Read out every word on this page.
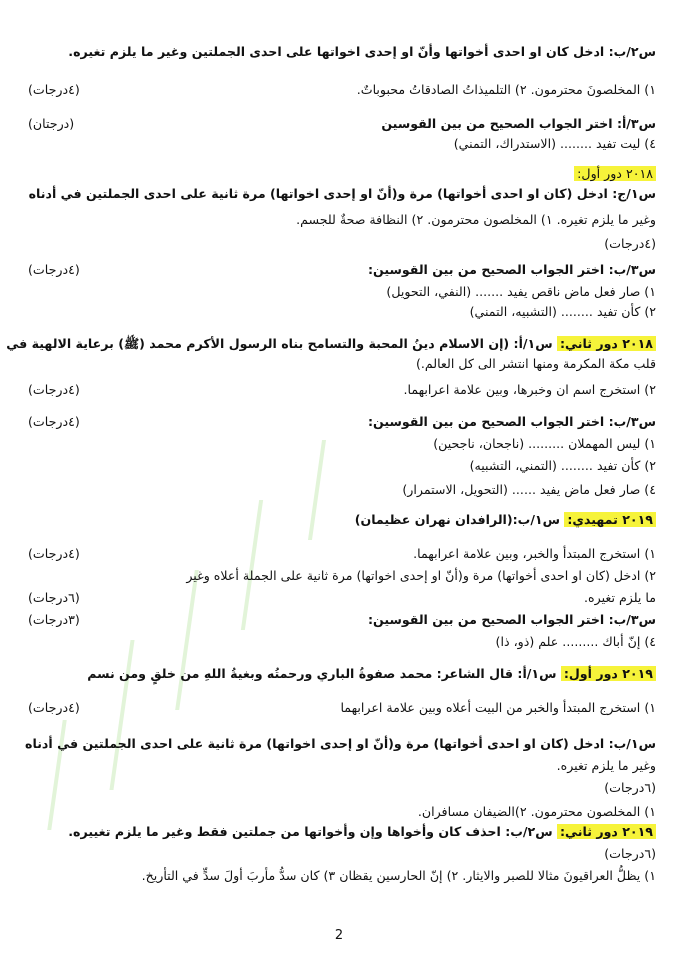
س٢/ب: ادخل كان او احدى أخواتها وأنّ او إحدى اخواتها على احدى الجملتين وغير ما يلزم تغيره.
١) المخلصونَ محترمون. ٢) التلميذاتُ الصادقاتُ محبوباتٌ.
(٤درجات)
س٣/أ: اختر الجواب الصحيح من بين القوسين
(درجتان)
٤) ليت تفيد ........ (الاستدراك، التمني)
٢٠١٨ دور أول:
س١/ج: ادخل (كان او احدى أخواتها) مرة و(أنّ او إحدى اخواتها) مرة ثانية على احدى الجملتين في أدناه
وغير ما يلزم تغيره. ١) المخلصون محترمون. ٢) النظافة صحةٌ للجسم.
(٤درجات)
س٣/ب: اختر الجواب الصحيح من بين القوسين:
(٤درجات)
١) صار فعل ماض ناقص يفيد ....... (النفي، التحويل)
٢) كأن تفيد ........ (التشبيه، التمني)
٢٠١٨ دور ثاني: س١/أ: (إن الاسلام دينُ المحبة والتسامح بناه الرسول الأكرم محمد (ﷺ) برعاية الالهية في
قلب مكة المكرمة ومنها انتشر الى كل العالم.)
٢) استخرج اسم ان وخبرها، وبين علامة اعرابهما.
(٤درجات)
س٣/ب: اختر الجواب الصحيح من بين القوسين:
(٤درجات)
١) ليس المهملان ......... (ناجحان، ناجحين)
٢) كأن تفيد ........ (التمني، التشبيه)
٤) صار فعل ماض يفيد ...... (التحويل، الاستمرار)
٢٠١٩ تمهيدي: س١/ب:(الرافدان نهران عظيمان)
١) استخرج المبتدأ والخبر، وبين علامة اعرابهما.
(٤درجات)
٢) ادخل (كان او احدى أخواتها) مرة و(أنّ او إحدى اخواتها) مرة ثانية على الجملة أعلاه وغير
ما يلزم تغيره.
(٦درجات)
س٣/ب: اختر الجواب الصحيح من بين القوسين:
(٣درجات)
٤) إنّ أباك ......... علم (ذو، ذا)
٢٠١٩ دور أول: س١/أ: قال الشاعر: محمد صفوةُ الباري ورحمتُه وبغيةُ اللهِ من خلقٍ ومن نسم
١) استخرج المبتدأ والخبر من البيت أعلاه وبين علامة اعرابهما
(٤درجات)
س١/ب: ادخل (كان او احدى أخواتها) مرة و(أنّ او إحدى اخواتها) مرة ثانية على احدى الجملتين في أدناه
وغير ما يلزم تغيره.
(٦درجات)
١) المخلصون محترمون. ٢)الضيفان مسافران.
٢٠١٩ دور ثاني: س٢/ب: احذف كان وأخواها وإن وأخواتها من جملتين فقط وغير ما يلزم تغييره.
(٦درجات)
١) يظلُّ العراقيونَ مثالا للصبر والايثار. ٢) إنّ الحارسين يقظان ٣) كان سدُّ مأربَ أولَ سدٍّ في التأريخ.
2
